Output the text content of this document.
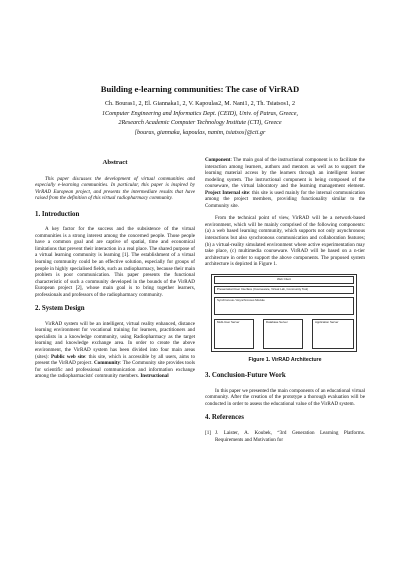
Building e-learning communities: The case of VirRAD
Ch. Bouras1, 2, El. Giannaka1, 2, V. Kapoulas2, M. Nani1, 2, Th. Tsiatsos1, 2
1Computer Engineering and Informatics Dept. (CEID), Univ. of Patras, Greece,
2Research Academic Computer Technology Institute (CTI), Greece
[bouras, giannaka, kapoulas, nanim, tsiatsos]@cti.gr
Abstract

This paper discusses the development of virtual communities and especially e-learning communities. In particular, this paper is inspired by VirRAD European project, and presents the intermediate results that have raised from the definition of this virtual radiopharmacy community.

1. Introduction

A key factor for the success and the subsistence of the virtual communities is a strong interest among the concerned people. Those people have a common goal and are captive of spatial, time and economical limitations that prevent their interaction in a real place. The shared purpose of a virtual learning community is learning [1]. The establishment of a virtual learning community could be an effective solution, especially for groups of people in highly specialised fields, such as radiopharmacy, because their main problem is poor communication. This paper presents the functional characteristic of such a community developed in the bounds of the VirRAD European project [2], whose main goal is to bring together learners, professionals and professors of the radiopharmacy community.

2. System Design

VirRAD system will be an intelligent, virtual reality enhanced, distance learning environment for vocational training for learners, practitioners and specialists in a knowledge community, using Radiopharmacy as the target learning and knowledge exchange area. In order to create the above environment, the VirRAD system has been divided into four main areas (sites): Public web site: this site, which is accessible by all users, aims to present the VirRAD project. Community: The Community site provides tools for scientific and professional communication and information exchange among the radiopharmacists' community members. Instructional

Component: The main goal of the instructional component is to facilitate the interaction among learners, authors and mentors as well as to support the learning material access by the learners through an intelligent learner modeling system. The instructional component is being composed of the courseware, the virtual laboratory and the learning management element. Project Internal site: this site is used mainly for the internal communication among the project members, providing functionality similar to the Community site.

From the technical point of view, VirRAD will be a network-based environment, which will be mainly comprised of the following components: (a) a web based learning community, which supports not only asynchronous interactions but also synchronous communication and collaboration features; (b) a virtual-reality simulated environment where active experimentation may take place, (c) multimedia courseware. VirRAD will be based on a n-tier architecture in order to support the above components. The proposed system architecture is depicted in Figure 1.

Web Client
Presentation/User Interface (Courseware, Virtual Lab, Community Tool)
Synchronous / Asynchronous Module
Multi-User Server	Database Server	Application Server
Figure 1. VirRAD Architecture
3. Conclusion-Future Work

In this paper we presented the main components of an educational virtual community. After the creation of the prototype a thorough evaluation will be conducted in order to assess the educational value of the VirRAD system.

4. References

[1] J. Laister, A. Koubek, “3rd Generation Learning Platforms. Requirements and Motivation for
